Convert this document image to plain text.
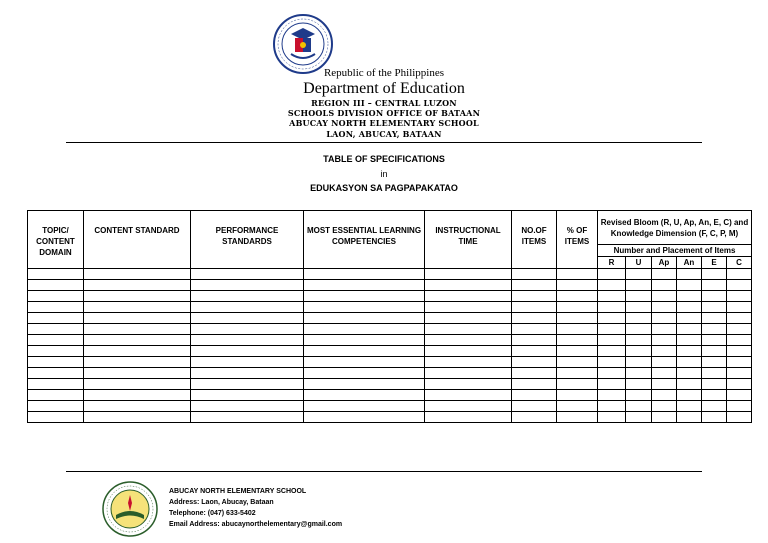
Republic of the Philippines
Department of Education
REGION III – CENTRAL LUZON
SCHOOLS DIVISION OFFICE OF BATAAN
ABUCAY NORTH ELEMENTARY SCHOOL
LAON, ABUCAY, BATAAN
TABLE OF SPECIFICATIONS
in
EDUKASYON SA PAGPAPAKATAO
TOPIC/ CONTENT DOMAIN	CONTENT STANDARD	PERFORMANCE STANDARDS	MOST ESSENTIAL LEARNING COMPETENCIES	INSTRUCTIONAL TIME	NO.OF ITEMS	% OF ITEMS	Revised Bloom (R, U, Ap, An, E, C) and Knowledge Dimension (F, C, P, M)					
							Number and Placement of Items					
							R	U	Ap	An	E	C

ABUCAY NORTH ELEMENTARY SCHOOL
Address: Laon, Abucay, Bataan
Telephone: (047) 633-5402
Email Address: abucaynorthelementary@gmail.com
